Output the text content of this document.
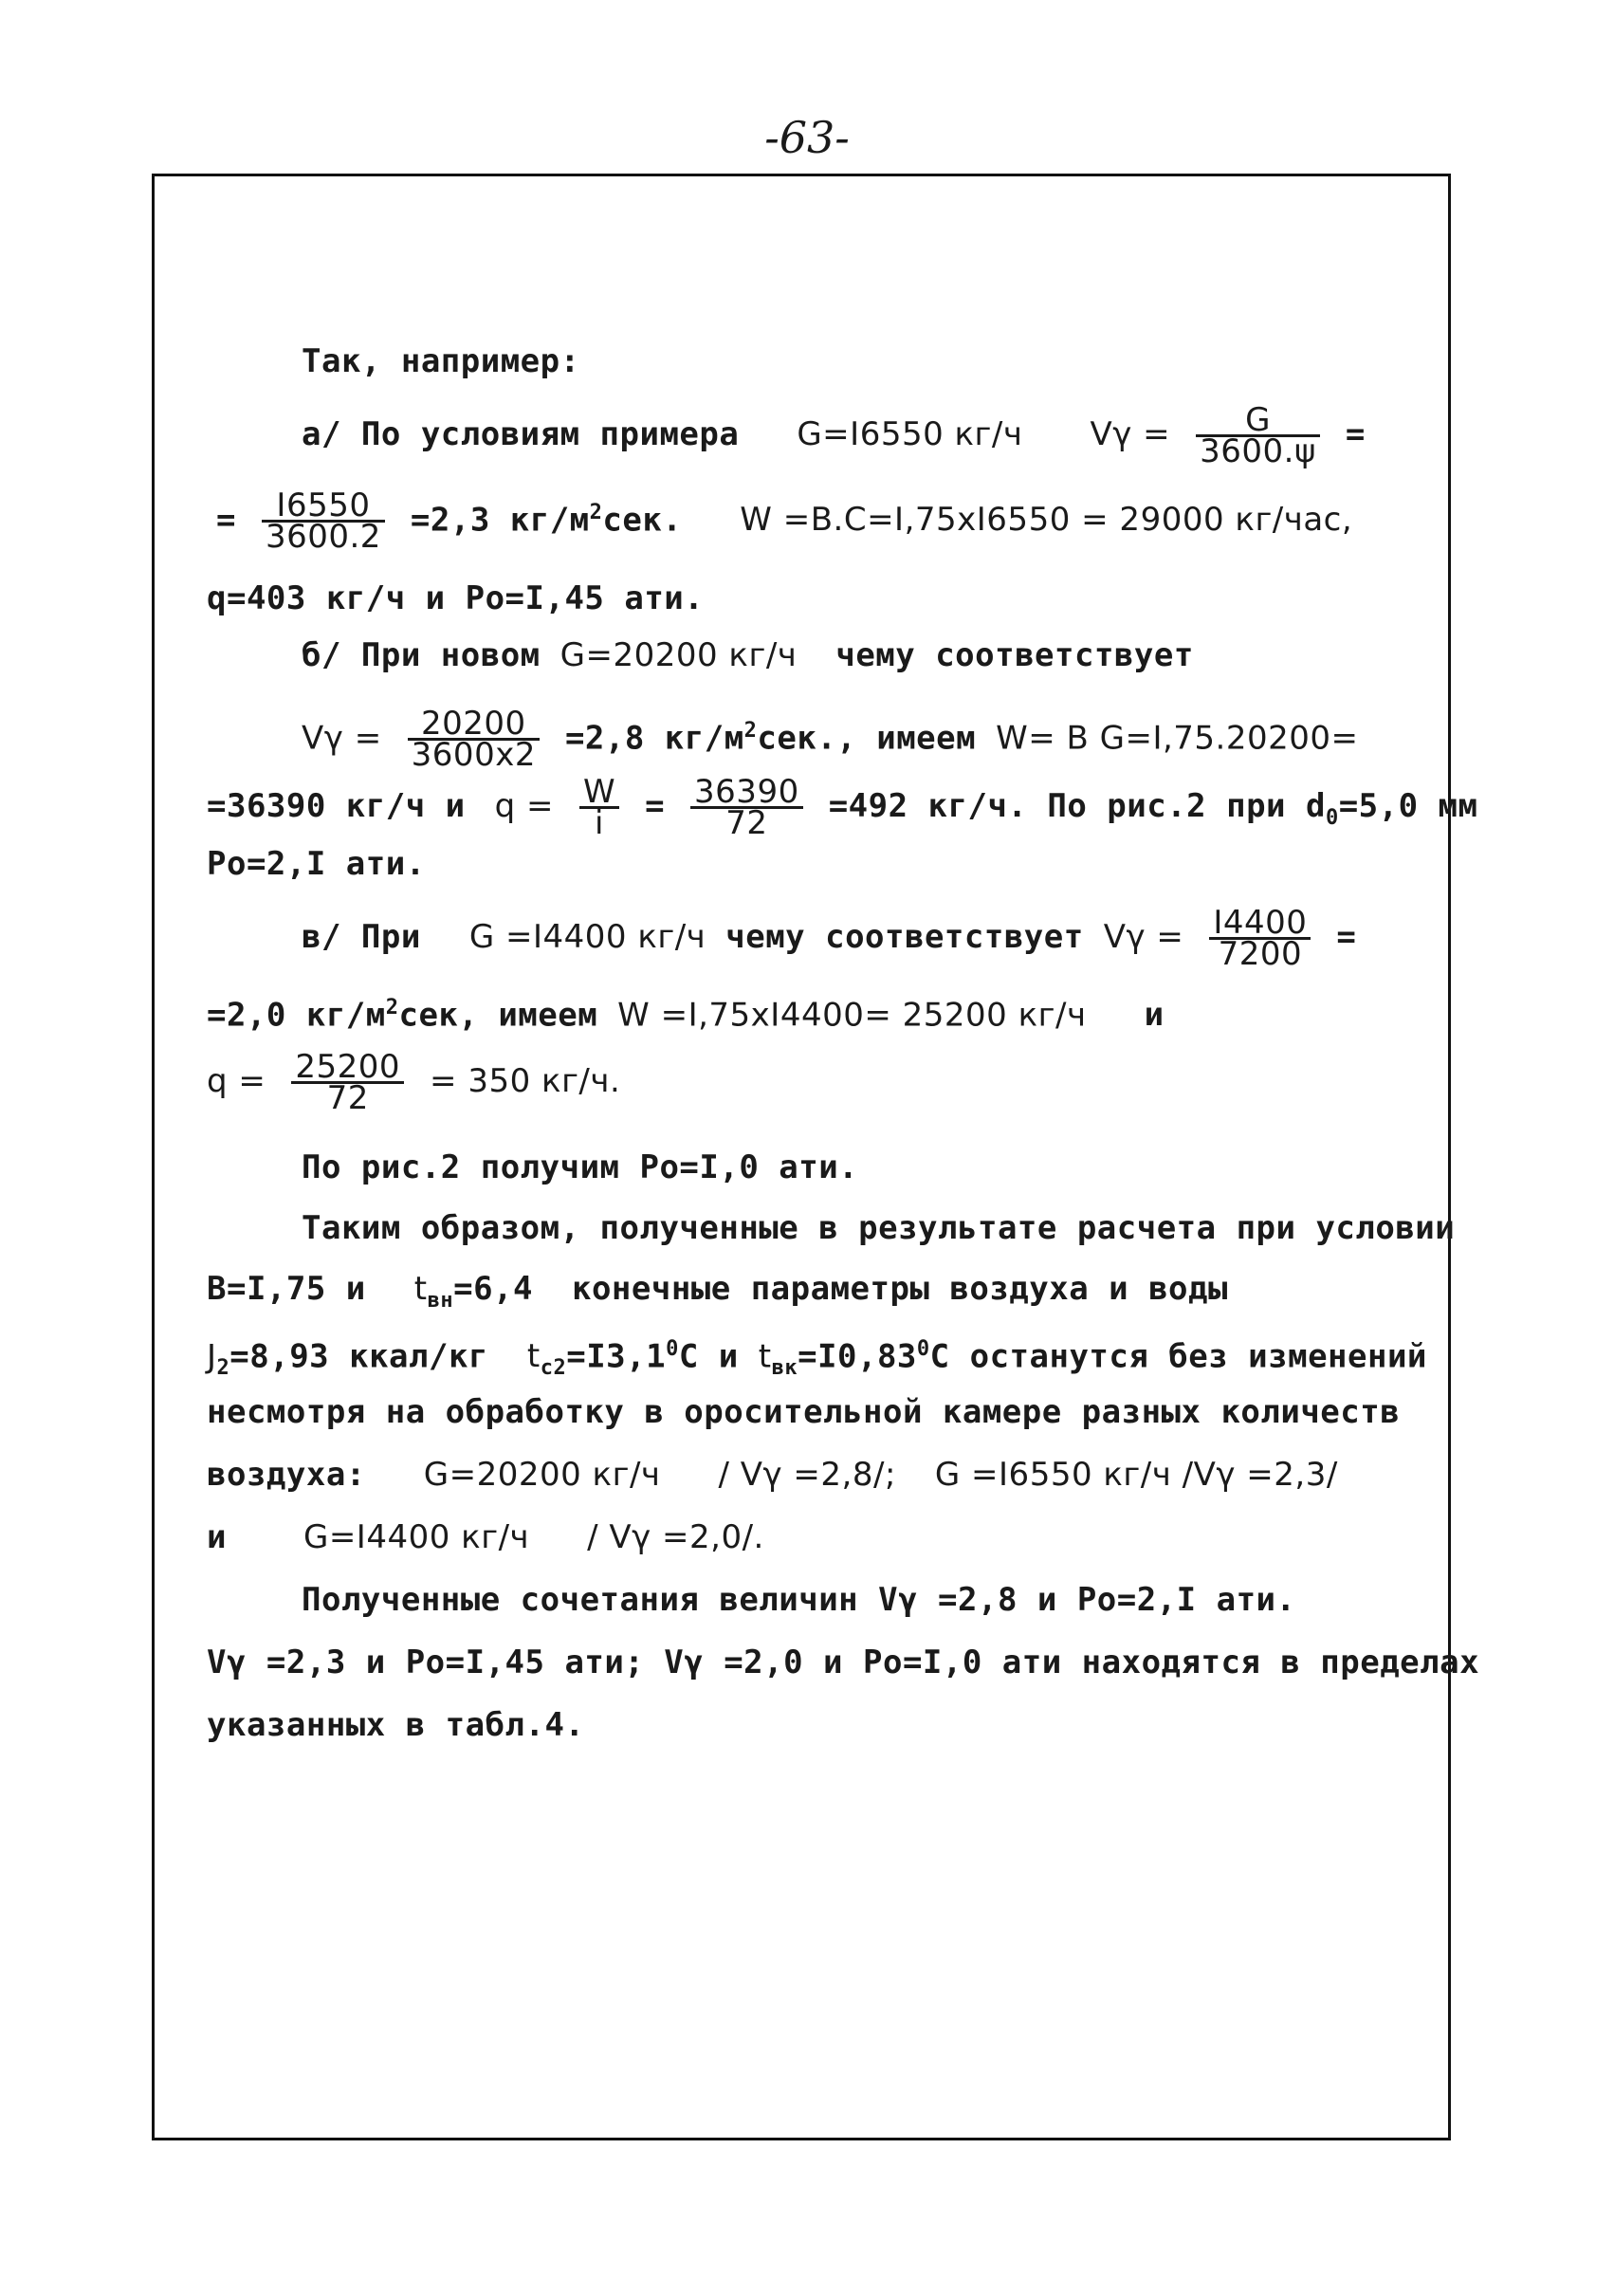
-63-
Так, например:
а/ По условиям примера G=I6550 кг/ч $V\gamma = \frac{G}{3600.\psi}$ =
= $\frac{I6550}{3600.2} =2,3$ $кг/м^2сек$. W =B.C=I,75xI6550 = 29000 кг/час,
q=403 кг/ч и Po=I,45 ати.
б/ При новом G=20200 кг/ч чему соответствует
$V\gamma = \frac{20200}{3600x2} =2,8$ $кг/м^2сек$., имеем W= B G=I,75.20200=
=36390 кг/ч и $q = \frac{W}{i} = \frac{36390}{72} =492$ кг/ч. По рис.2 при $d_0=5,0$ мм
Po=2,I ати.
в/ При G =I4400 кг/ч чему соответствует $V\gamma = \frac{I4400}{7200}$ =
=2,0 $кг/м^2сек$, имеем W =I,75xI4400= 25200 кг/ч и
$q = \frac{25200}{72} = 350$ кг/ч.
По рис.2 получим Po=I,0 ати.
Таким образом, полученные в результате расчета при условии
B=I,75 и $t_{вн}=6,4$ конечные параметры воздуха и воды
$J_2=8,93$ ккал/кг $t_{c2}=I3,1^0C$ и $t_{вк}=I0,83^0C$ останутся без изменений
несмотря на обработку в оросительной камере разных количеств
воздуха: G=20200 кг/ч / Vγ =2,8/; G =I6550 кг/ч /Vγ =2,3/
и G=I4400 кг/ч / Vγ =2,0/.
Полученные сочетания величин Vγ =2,8 и Po=2,I ати.
Vγ =2,3 и Po=I,45 ати; Vγ =2,0 и Po=I,0 ати находятся в пределах
указанных в табл.4.
